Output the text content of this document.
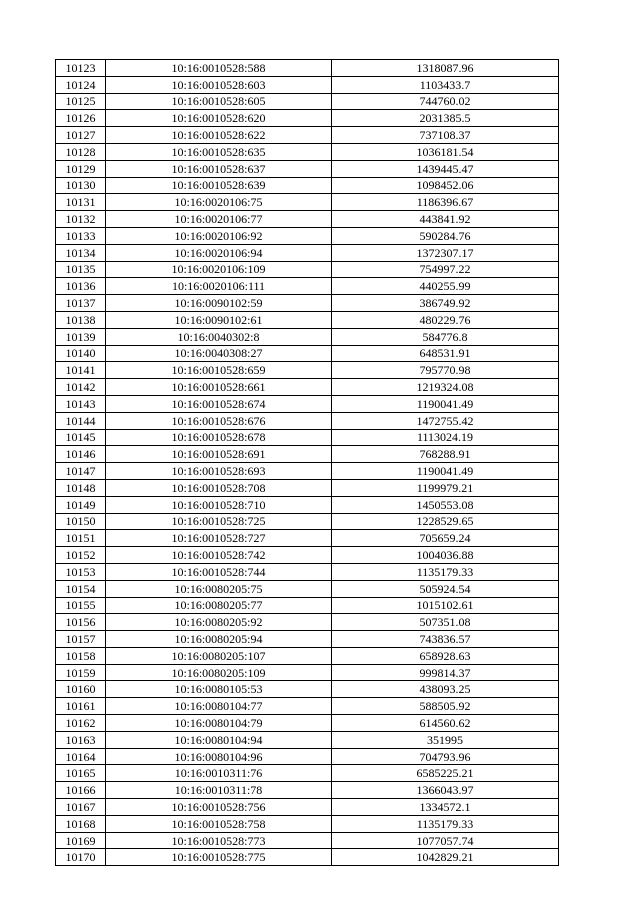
10123	10:16:0010528:588	1318087.96
10124	10:16:0010528:603	1103433.7
10125	10:16:0010528:605	744760.02
10126	10:16:0010528:620	2031385.5
10127	10:16:0010528:622	737108.37
10128	10:16:0010528:635	1036181.54
10129	10:16:0010528:637	1439445.47
10130	10:16:0010528:639	1098452.06
10131	10:16:0020106:75	1186396.67
10132	10:16:0020106:77	443841.92
10133	10:16:0020106:92	590284.76
10134	10:16:0020106:94	1372307.17
10135	10:16:0020106:109	754997.22
10136	10:16:0020106:111	440255.99
10137	10:16:0090102:59	386749.92
10138	10:16:0090102:61	480229.76
10139	10:16:0040302:8	584776.8
10140	10:16:0040308:27	648531.91
10141	10:16:0010528:659	795770.98
10142	10:16:0010528:661	1219324.08
10143	10:16:0010528:674	1190041.49
10144	10:16:0010528:676	1472755.42
10145	10:16:0010528:678	1113024.19
10146	10:16:0010528:691	768288.91
10147	10:16:0010528:693	1190041.49
10148	10:16:0010528:708	1199979.21
10149	10:16:0010528:710	1450553.08
10150	10:16:0010528:725	1228529.65
10151	10:16:0010528:727	705659.24
10152	10:16:0010528:742	1004036.88
10153	10:16:0010528:744	1135179.33
10154	10:16:0080205:75	505924.54
10155	10:16:0080205:77	1015102.61
10156	10:16:0080205:92	507351.08
10157	10:16:0080205:94	743836.57
10158	10:16:0080205:107	658928.63
10159	10:16:0080205:109	999814.37
10160	10:16:0080105:53	438093.25
10161	10:16:0080104:77	588505.92
10162	10:16:0080104:79	614560.62
10163	10:16:0080104:94	351995
10164	10:16:0080104:96	704793.96
10165	10:16:0010311:76	6585225.21
10166	10:16:0010311:78	1366043.97
10167	10:16:0010528:756	1334572.1
10168	10:16:0010528:758	1135179.33
10169	10:16:0010528:773	1077057.74
10170	10:16:0010528:775	1042829.21
